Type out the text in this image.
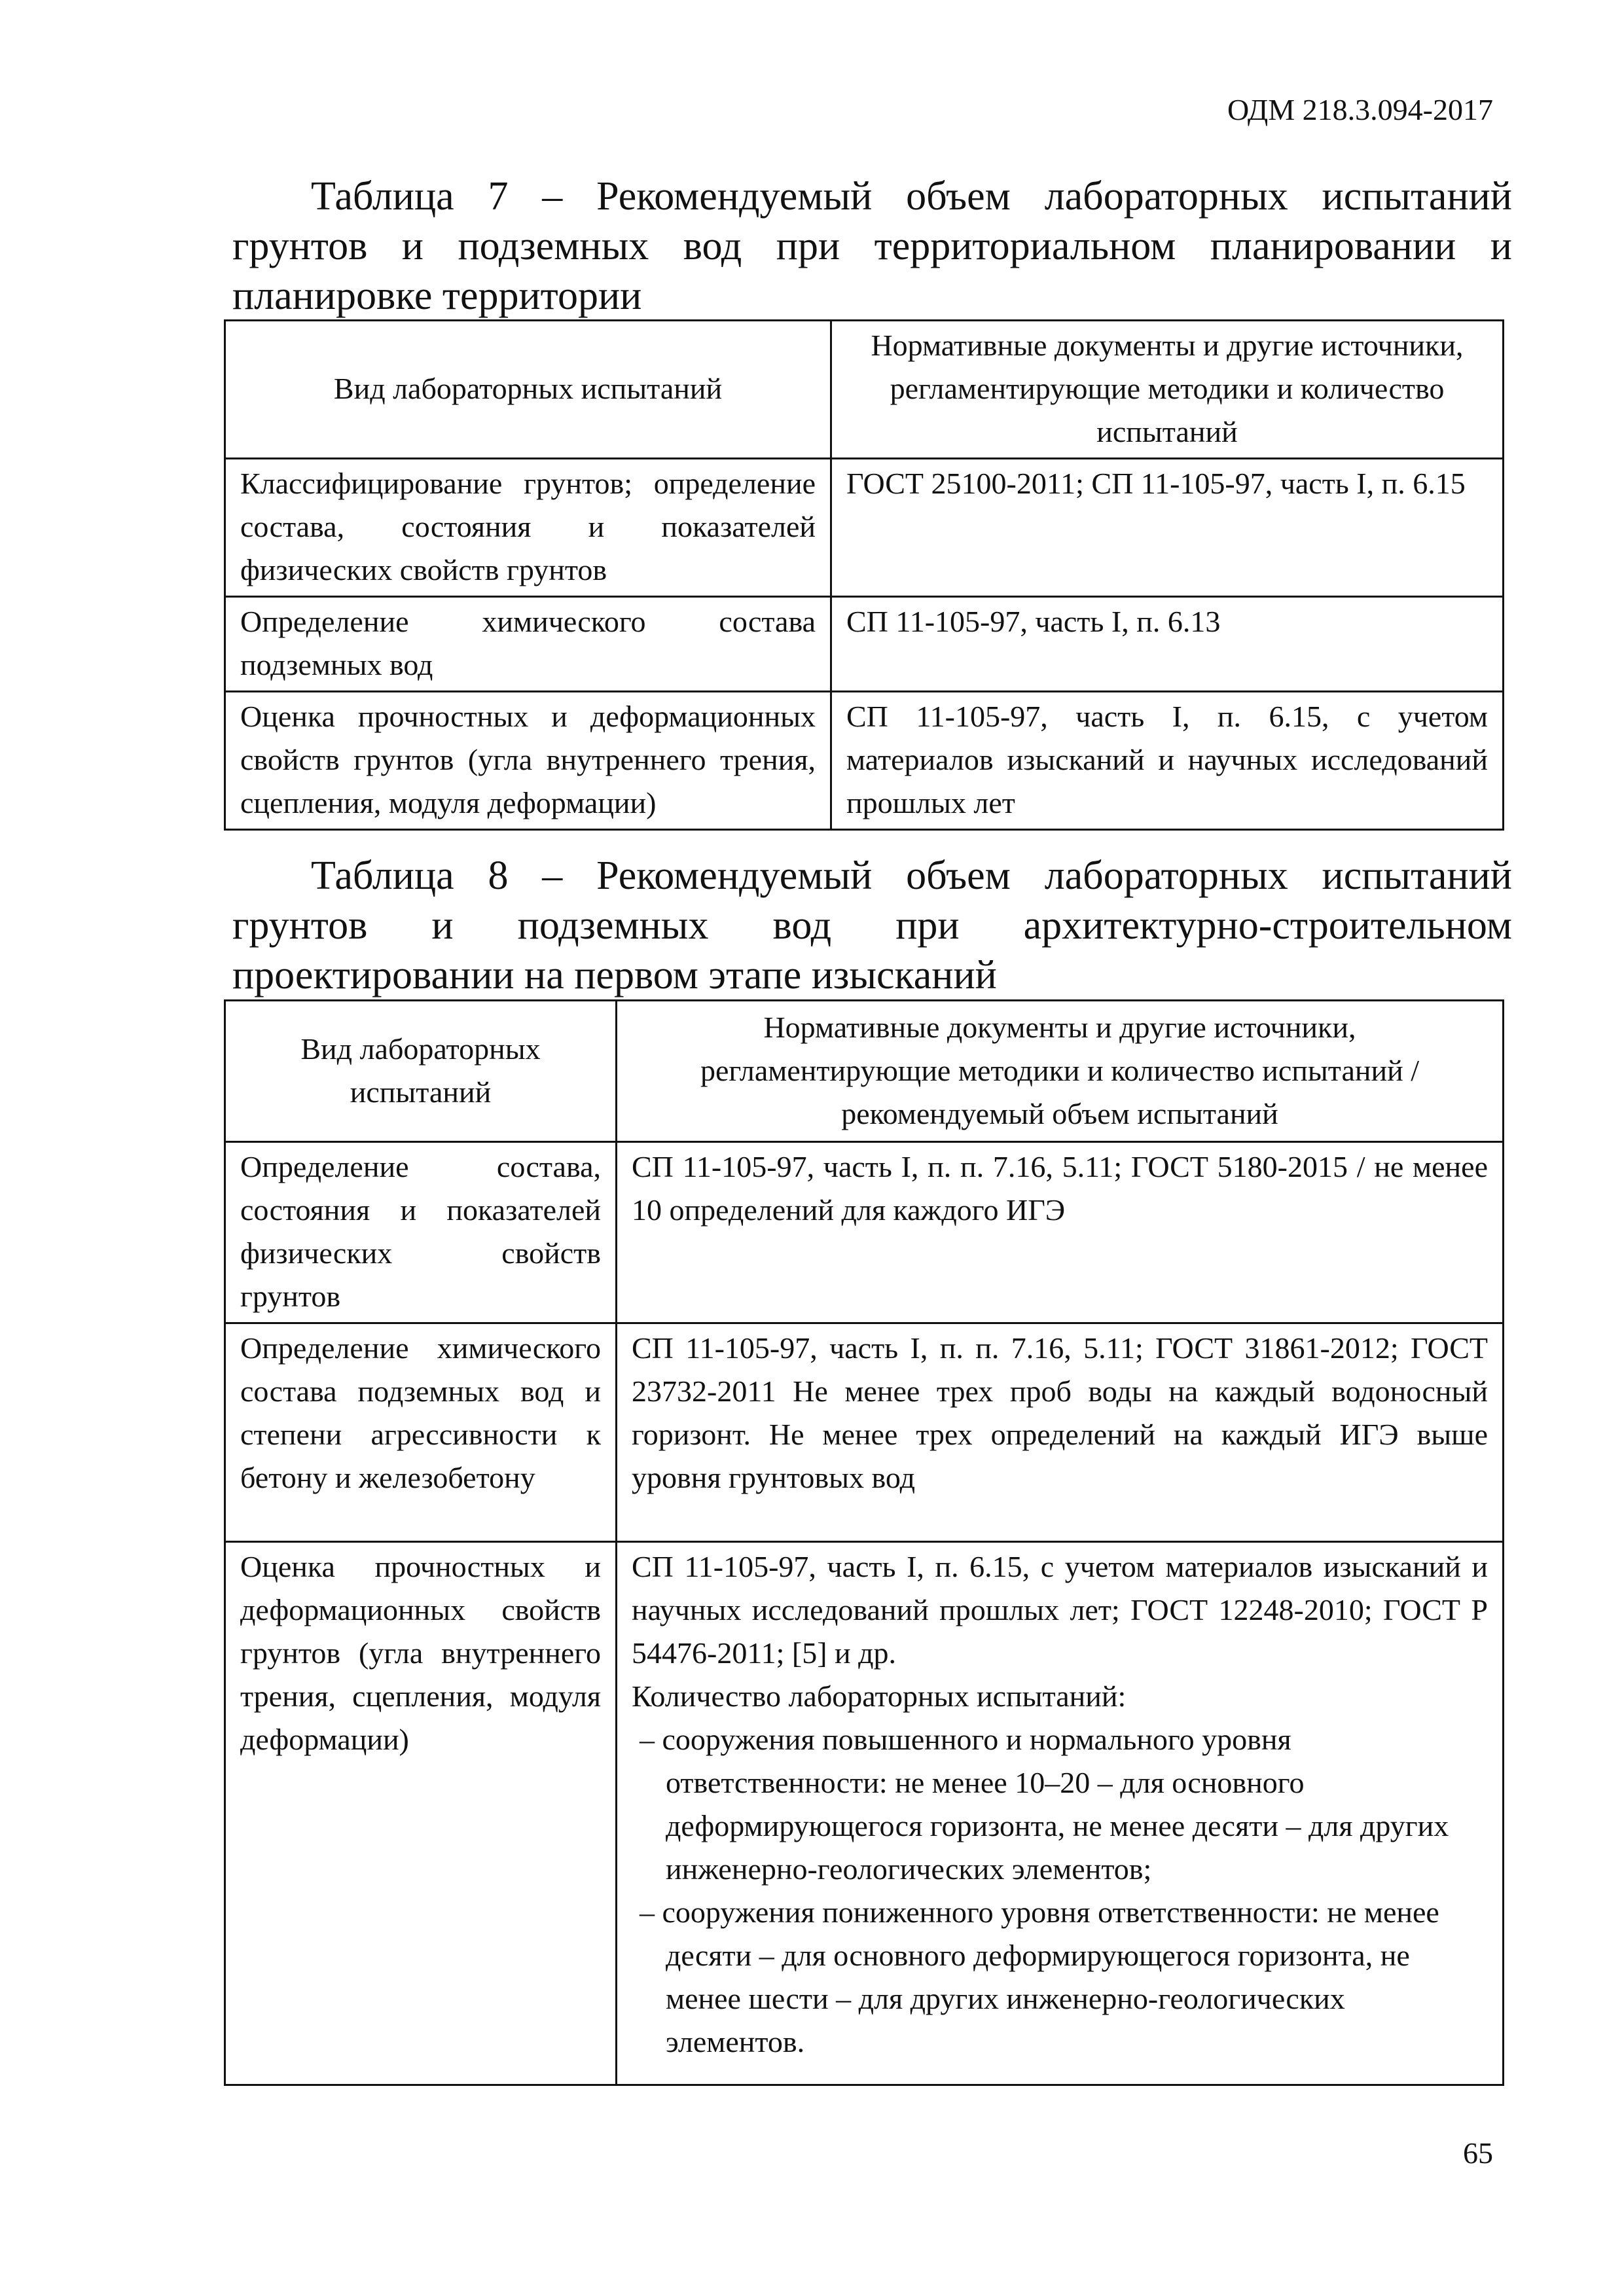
ОДМ 218.3.094-2017
Таблица 7 – Рекомендуемый объем лабораторных испытаний грунтов и подземных вод при территориальном планировании и планировке территории
Вид лабораторных испытаний	Нормативные документы и другие источники, регламентирующие методики и количество испытаний
Классифицирование грунтов; определение состава, состояния и показателей физических свойств грунтов	ГОСТ 25100-2011; СП 11-105-97, часть I, п. 6.15
Определение химического состава подземных вод	СП 11-105-97, часть I, п. 6.13
Оценка прочностных и деформационных свойств грунтов (угла внутреннего трения, сцепления, модуля деформации)	СП 11-105-97, часть I, п. 6.15, с учетом материалов изысканий и научных исследований прошлых лет
Таблица 8 – Рекомендуемый объем лабораторных испытаний грунтов и подземных вод при архитектурно-строительном проектировании на первом этапе изысканий
Вид лабораторных испытаний	Нормативные документы и другие источники, регламентирующие методики и количество испытаний / рекомендуемый объем испытаний
Определение состава, состояния и показателей физических свойств грунтов	СП 11-105-97, часть I, п. п. 7.16, 5.11; ГОСТ 5180-2015 / не менее 10 определений для каждого ИГЭ
Определение химического состава подземных вод и степени агрессивности к бетону и железобетону	СП 11-105-97, часть I, п. п. 7.16, 5.11; ГОСТ 31861-2012; ГОСТ 23732-2011 Не менее трех проб воды на каждый водоносный горизонт. Не менее трех определений на каждый ИГЭ выше уровня грунтовых вод
Оценка прочностных и деформационных свойств грунтов (угла внутреннего трения, сцепления, модуля деформации)	СП 11-105-97, часть I, п. 6.15, с учетом материалов изысканий и научных исследований прошлых лет; ГОСТ 12248-2010; ГОСТ Р 54476-2011; [5] и др.
Количество лабораторных испытаний:
– сооружения повышенного и нормального уровня ответственности: не менее 10–20 – для основного деформирующегося горизонта, не менее десяти – для других инженерно-геологических элементов;
– сооружения пониженного уровня ответственности: не менее десяти – для основного деформирующегося горизонта, не менее шести – для других инженерно-геологических элементов.
65
